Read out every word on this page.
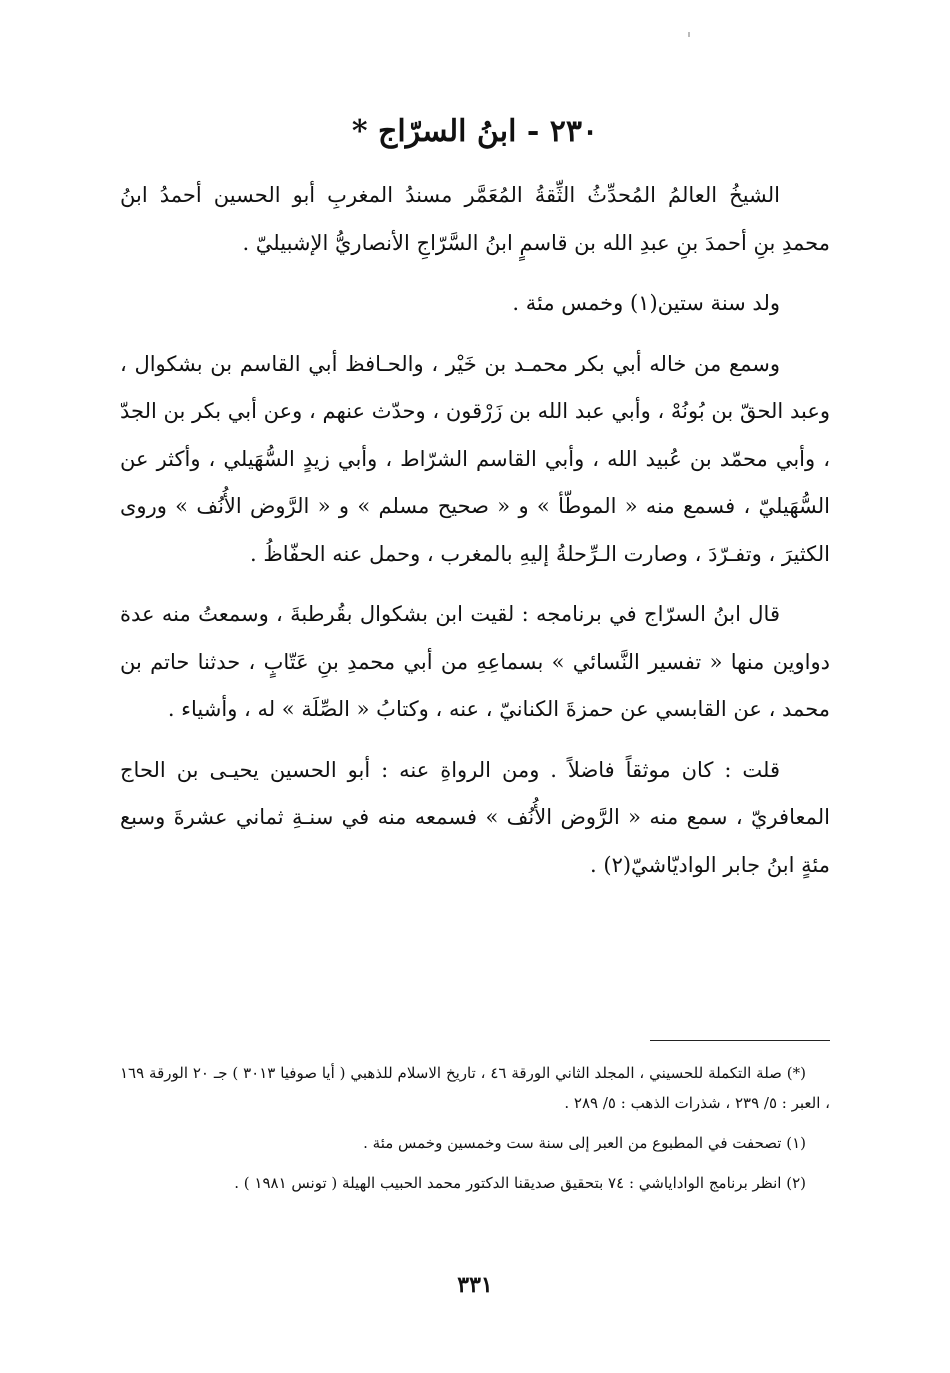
٢٣٠ - ابنُ السرّاج *

الشيخُ العالمُ المُحدِّثُ الثِّقةُ المُعَمَّر مسندُ المغربِ أبو الحسين أحمدُ ابنُ محمدِ بنِ أحمدَ بنِ عبدِ الله بن قاسمٍ ابنُ السَّرّاجِ الأنصاريُّ الإشبيليّ .

ولد سنة ستين(١) وخمس مئة .

وسمع من خاله أبي بكر محمـد بن خَيْر ، والحـافظ أبي القاسم بن بشكوال ، وعبد الحقّ بن بُونُهْ ، وأبي عبد الله بن زَرْقون ، وحدّث عنهم ، وعن أبي بكر بن الجدّ ، وأبي محمّد بن عُبيد الله ، وأبي القاسم الشرّاط ، وأبي زيدٍ السُّهَيلي ، وأكثر عن السُّهَيليّ ، فسمع منه « الموطّأ » و « صحيح مسلم » و « الرَّوض الأُنُف » وروى الكثيرَ ، وتفـرّدَ ، وصارت الـرِّحلةُ إليهِ بالمغرب ، وحمل عنه الحفّاظُ .

قال ابنُ السرّاج في برنامجه : لقيت ابن بشكوال بقُرطبةَ ، وسمعتُ منه عدة دواوين منها « تفسير النَّسائي » بسماعِهِ من أبي محمدِ بنِ عَتّابٍ ، حدثنا حاتم بن محمد ، عن القابسي عن حمزةَ الكنانيّ ، عنه ، وكتابُ « الصِّلَة » له ، وأشياء .

قلت : كان موثقاً فاضلاً . ومن الرواةِ عنه : أبو الحسين يحيـى بن الحاج المعافريّ ، سمع منه « الرَّوض الأُنُف » فسمعه منه في سنـةِ ثماني عشرةَ وسبع مئةٍ ابنُ جابر الواديّاشيّ(٢) .

(*) صلة التكملة للحسيني ، المجلد الثاني الورقة ٤٦ ، تاريخ الاسلام للذهبي ( أيا صوفيا ٣٠١٣ ) جـ ٢٠ الورقة ١٦٩ ، العبر : ٥/ ٢٣٩ ، شذرات الذهب : ٥/ ٢٨٩ .

(١) تصحفت في المطبوع من العبر إلى سنة ست وخمسين وخمس مئة .

(٢) انظر برنامج الواداياشي : ٧٤ بتحقيق صديقنا الدكتور محمد الحبيب الهيلة ( تونس ١٩٨١ ) .

٣٣١
